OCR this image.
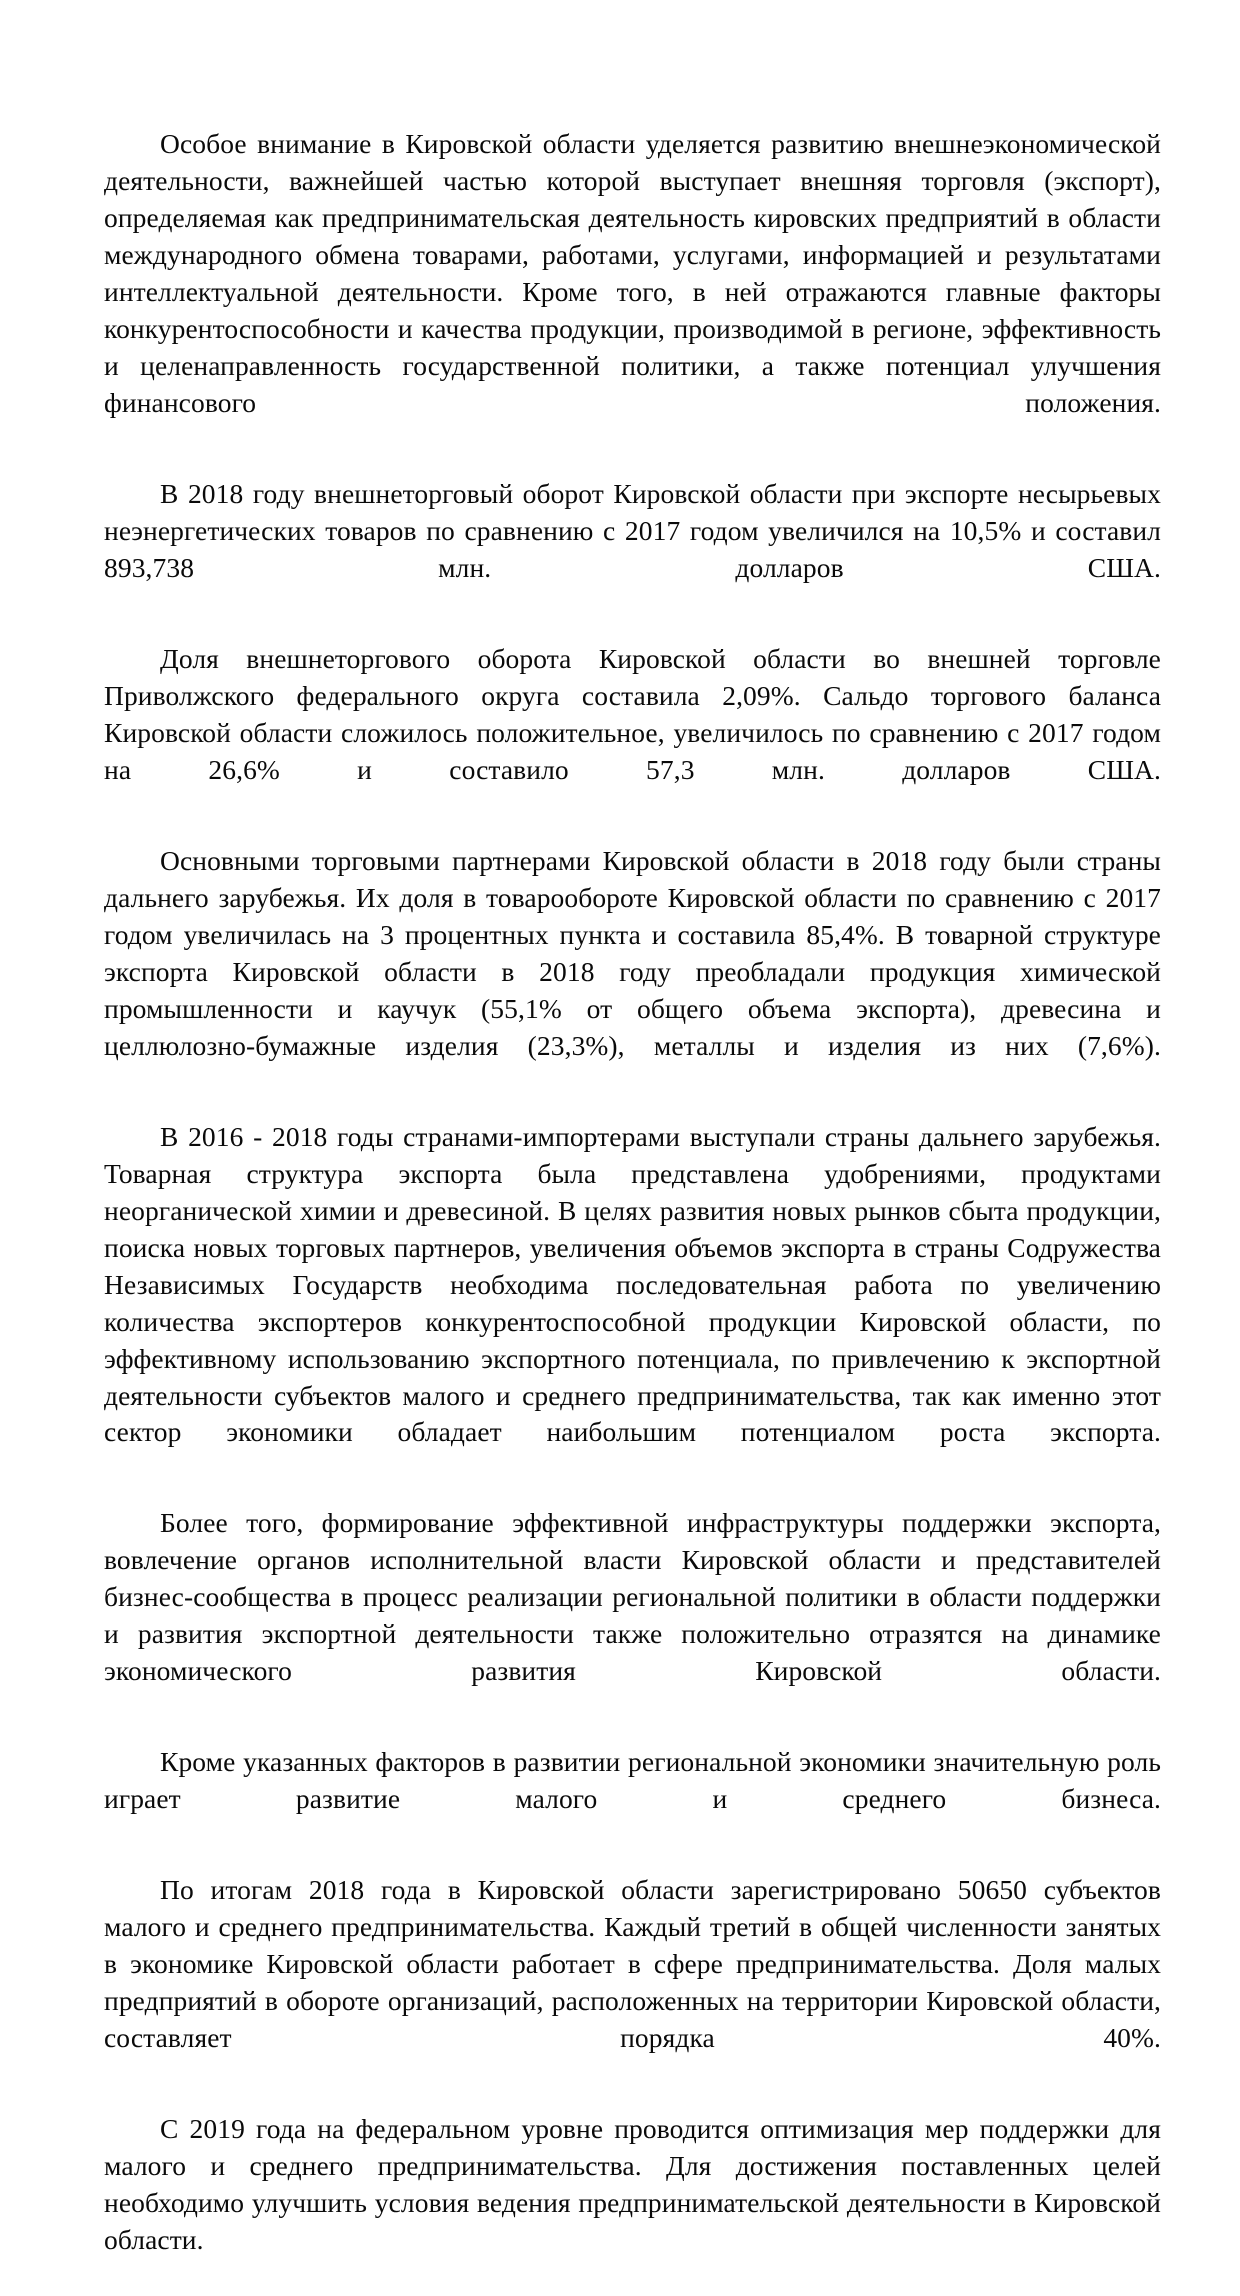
Особое внимание в Кировской области уделяется развитию внешнеэкономической деятельности, важнейшей частью которой выступает внешняя торговля (экспорт), определяемая как предпринимательская деятельность кировских предприятий в области международного обмена товарами, работами, услугами, информацией и результатами интеллектуальной деятельности. Кроме того, в ней отражаются главные факторы конкурентоспособности и качества продукции, производимой в регионе, эффективность и целенаправленность государственной политики, а также потенциал улучшения финансового положения.

В 2018 году внешнеторговый оборот Кировской области при экспорте несырьевых неэнергетических товаров по сравнению с 2017 годом увеличился на 10,5% и составил 893,738 млн. долларов США.

Доля внешнеторгового оборота Кировской области во внешней торговле Приволжского федерального округа составила 2,09%. Сальдо торгового баланса Кировской области сложилось положительное, увеличилось по сравнению с 2017 годом на 26,6% и составило 57,3 млн. долларов США.

Основными торговыми партнерами Кировской области в 2018 году были страны дальнего зарубежья. Их доля в товарообороте Кировской области по сравнению с 2017 годом увеличилась на 3 процентных пункта и составила 85,4%. В товарной структуре экспорта Кировской области в 2018 году преобладали продукция химической промышленности и каучук (55,1% от общего объема экспорта), древесина и целлюлозно-бумажные изделия (23,3%), металлы и изделия из них (7,6%).

В 2016 - 2018 годы странами-импортерами выступали страны дальнего зарубежья. Товарная структура экспорта была представлена удобрениями, продуктами неорганической химии и древесиной. В целях развития новых рынков сбыта продукции, поиска новых торговых партнеров, увеличения объемов экспорта в страны Содружества Независимых Государств необходима последовательная работа по увеличению количества экспортеров конкурентоспособной продукции Кировской области, по эффективному использованию экспортного потенциала, по привлечению к экспортной деятельности субъектов малого и среднего предпринимательства, так как именно этот сектор экономики обладает наибольшим потенциалом роста экспорта.

Более того, формирование эффективной инфраструктуры поддержки экспорта, вовлечение органов исполнительной власти Кировской области и представителей бизнес-сообщества в процесс реализации региональной политики в области поддержки и развития экспортной деятельности также положительно отразятся на динамике экономического развития Кировской области.

Кроме указанных факторов в развитии региональной экономики значительную роль играет развитие малого и среднего бизнеса.

По итогам 2018 года в Кировской области зарегистрировано 50650 субъектов малого и среднего предпринимательства. Каждый третий в общей численности занятых в экономике Кировской области работает в сфере предпринимательства. Доля малых предприятий в обороте организаций, расположенных на территории Кировской области, составляет порядка 40%.

С 2019 года на федеральном уровне проводится оптимизация мер поддержки для малого и среднего предпринимательства. Для достижения поставленных целей необходимо улучшить условия ведения предпринимательской деятельности в Кировской области.
